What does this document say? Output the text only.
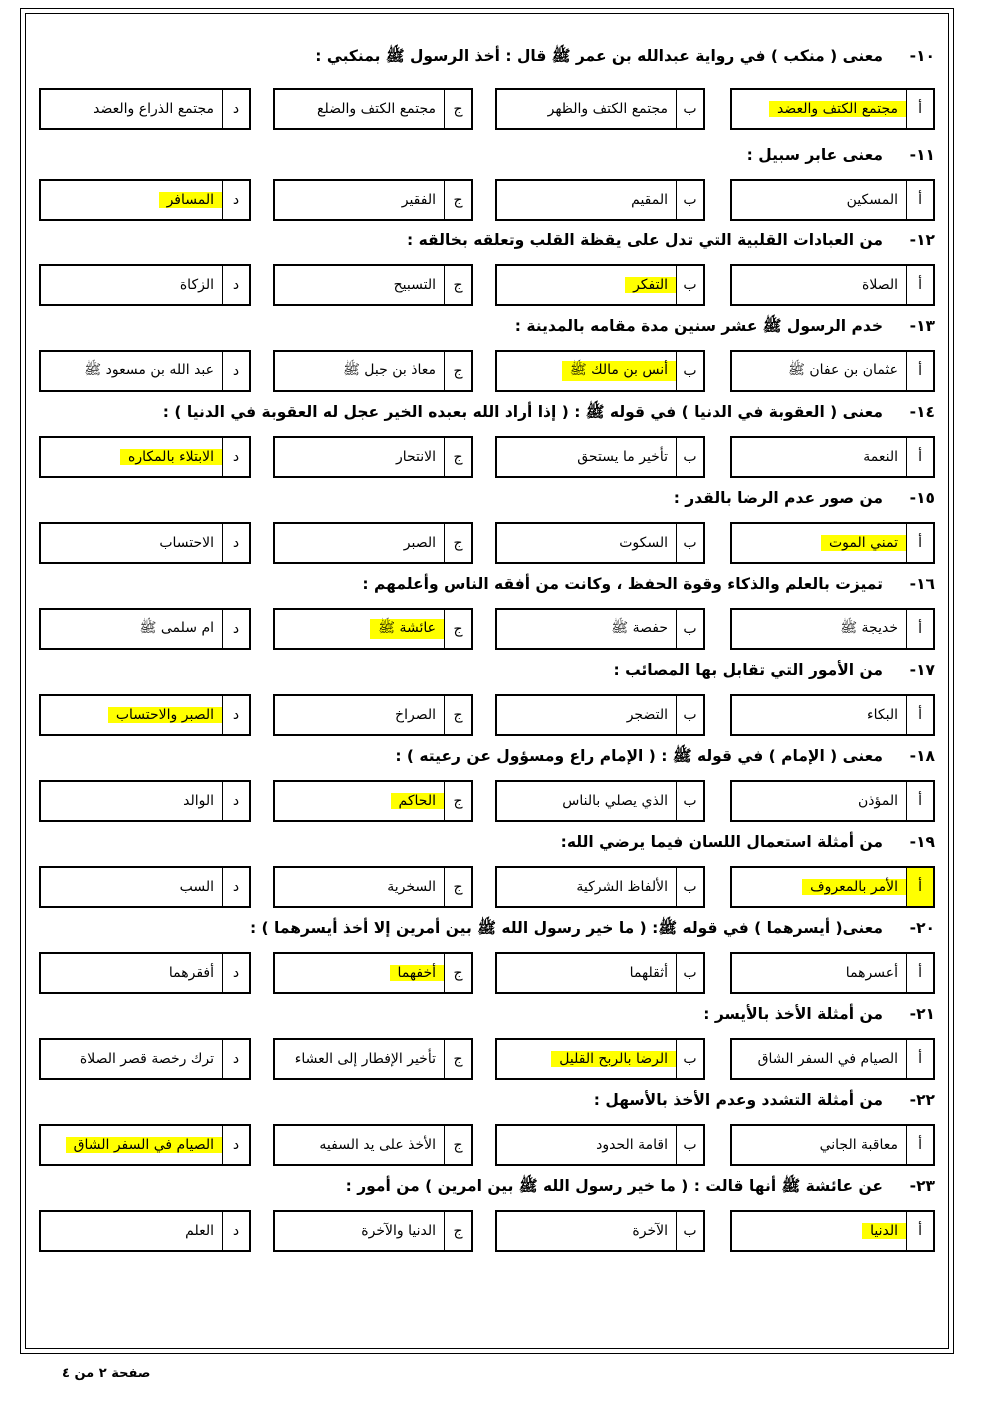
١٠-معنى ( منكب ) في رواية عبدالله بن عمر ﷺ قال : أخذ الرسول ﷺ بمنكبي :
أ
مجتمع الكتف والعضد
ب
مجتمع الكتف والظهر
ج
مجتمع الكتف والضلع
د
مجتمع الذراع والعضد
١١-معنى عابر سبيل :
أ
المسكين
ب
المقيم
ج
الفقير
د
المسافر
١٢-من العبادات القلبية التي تدل على يقظة القلب وتعلقه بخالقه :
أ
الصلاة
ب
التفكر
ج
التسبيح
د
الزكاة
١٣-خدم الرسول ﷺ عشر سنين مدة مقامه بالمدينة :
أ
عثمان بن عفان ﷺ
ب
أنس بن مالك ﷺ
ج
معاذ بن جبل ﷺ
د
عبد الله بن مسعود ﷺ
١٤-معنى ( العقوبة في الدنيا ) في قوله ﷺ : ( إذا أراد الله بعبده الخير عجل له العقوبة في الدنيا ) :
أ
النعمة
ب
تأخير ما يستحق
ج
الانتحار
د
الابتلاء بالمكاره
١٥-من صور عدم الرضا بالقدر :
أ
تمني الموت
ب
السكوت
ج
الصبر
د
الاحتساب
١٦-تميزت بالعلم والذكاء وقوة الحفظ ، وكانت من أفقه الناس وأعلمهم :
أ
خديجة ﷺ
ب
حفصة ﷺ
ج
عائشة ﷺ
د
ام سلمى ﷺ
١٧-من الأمور التي تقابل بها المصائب :
أ
البكاء
ب
التضجر
ج
الصراخ
د
الصبر والاحتساب
١٨-معنى ( الإمام ) في قوله ﷺ : ( الإمام راع ومسؤول عن رعيته ) :
أ
المؤذن
ب
الذي يصلي بالناس
ج
الحاكم
د
الوالد
١٩-من أمثلة استعمال اللسان فيما يرضي الله:
أ
الأمر بالمعروف
ب
الألفاظ الشركية
ج
السخرية
د
السب
٢٠-معنى( أيسرهما ) في قوله ﷺ: ( ما خير رسول الله ﷺ بين أمرين إلا أخذ أيسرهما ) :
أ
أعسرهما
ب
أثقلهما
ج
أخفهما
د
أفقرهما
٢١-من أمثلة الأخذ بالأيسر :
أ
الصيام في السفر الشاق
ب
الرضا بالربح القليل
ج
تأخير الإفطار إلى العشاء
د
ترك رخصة قصر الصلاة
٢٢-من أمثلة التشدد وعدم الأخذ بالأسهل :
أ
معاقبة الجاني
ب
اقامة الحدود
ج
الأخذ على يد السفيه
د
الصيام في السفر الشاق
٢٣-عن عائشة ﷺ أنها قالت : ( ما خير رسول الله ﷺ بين امرين ) من أمور :
أ
الدنيا
ب
الآخرة
ج
الدنيا والآخرة
د
العلم
صفحة ٢ من ٤
